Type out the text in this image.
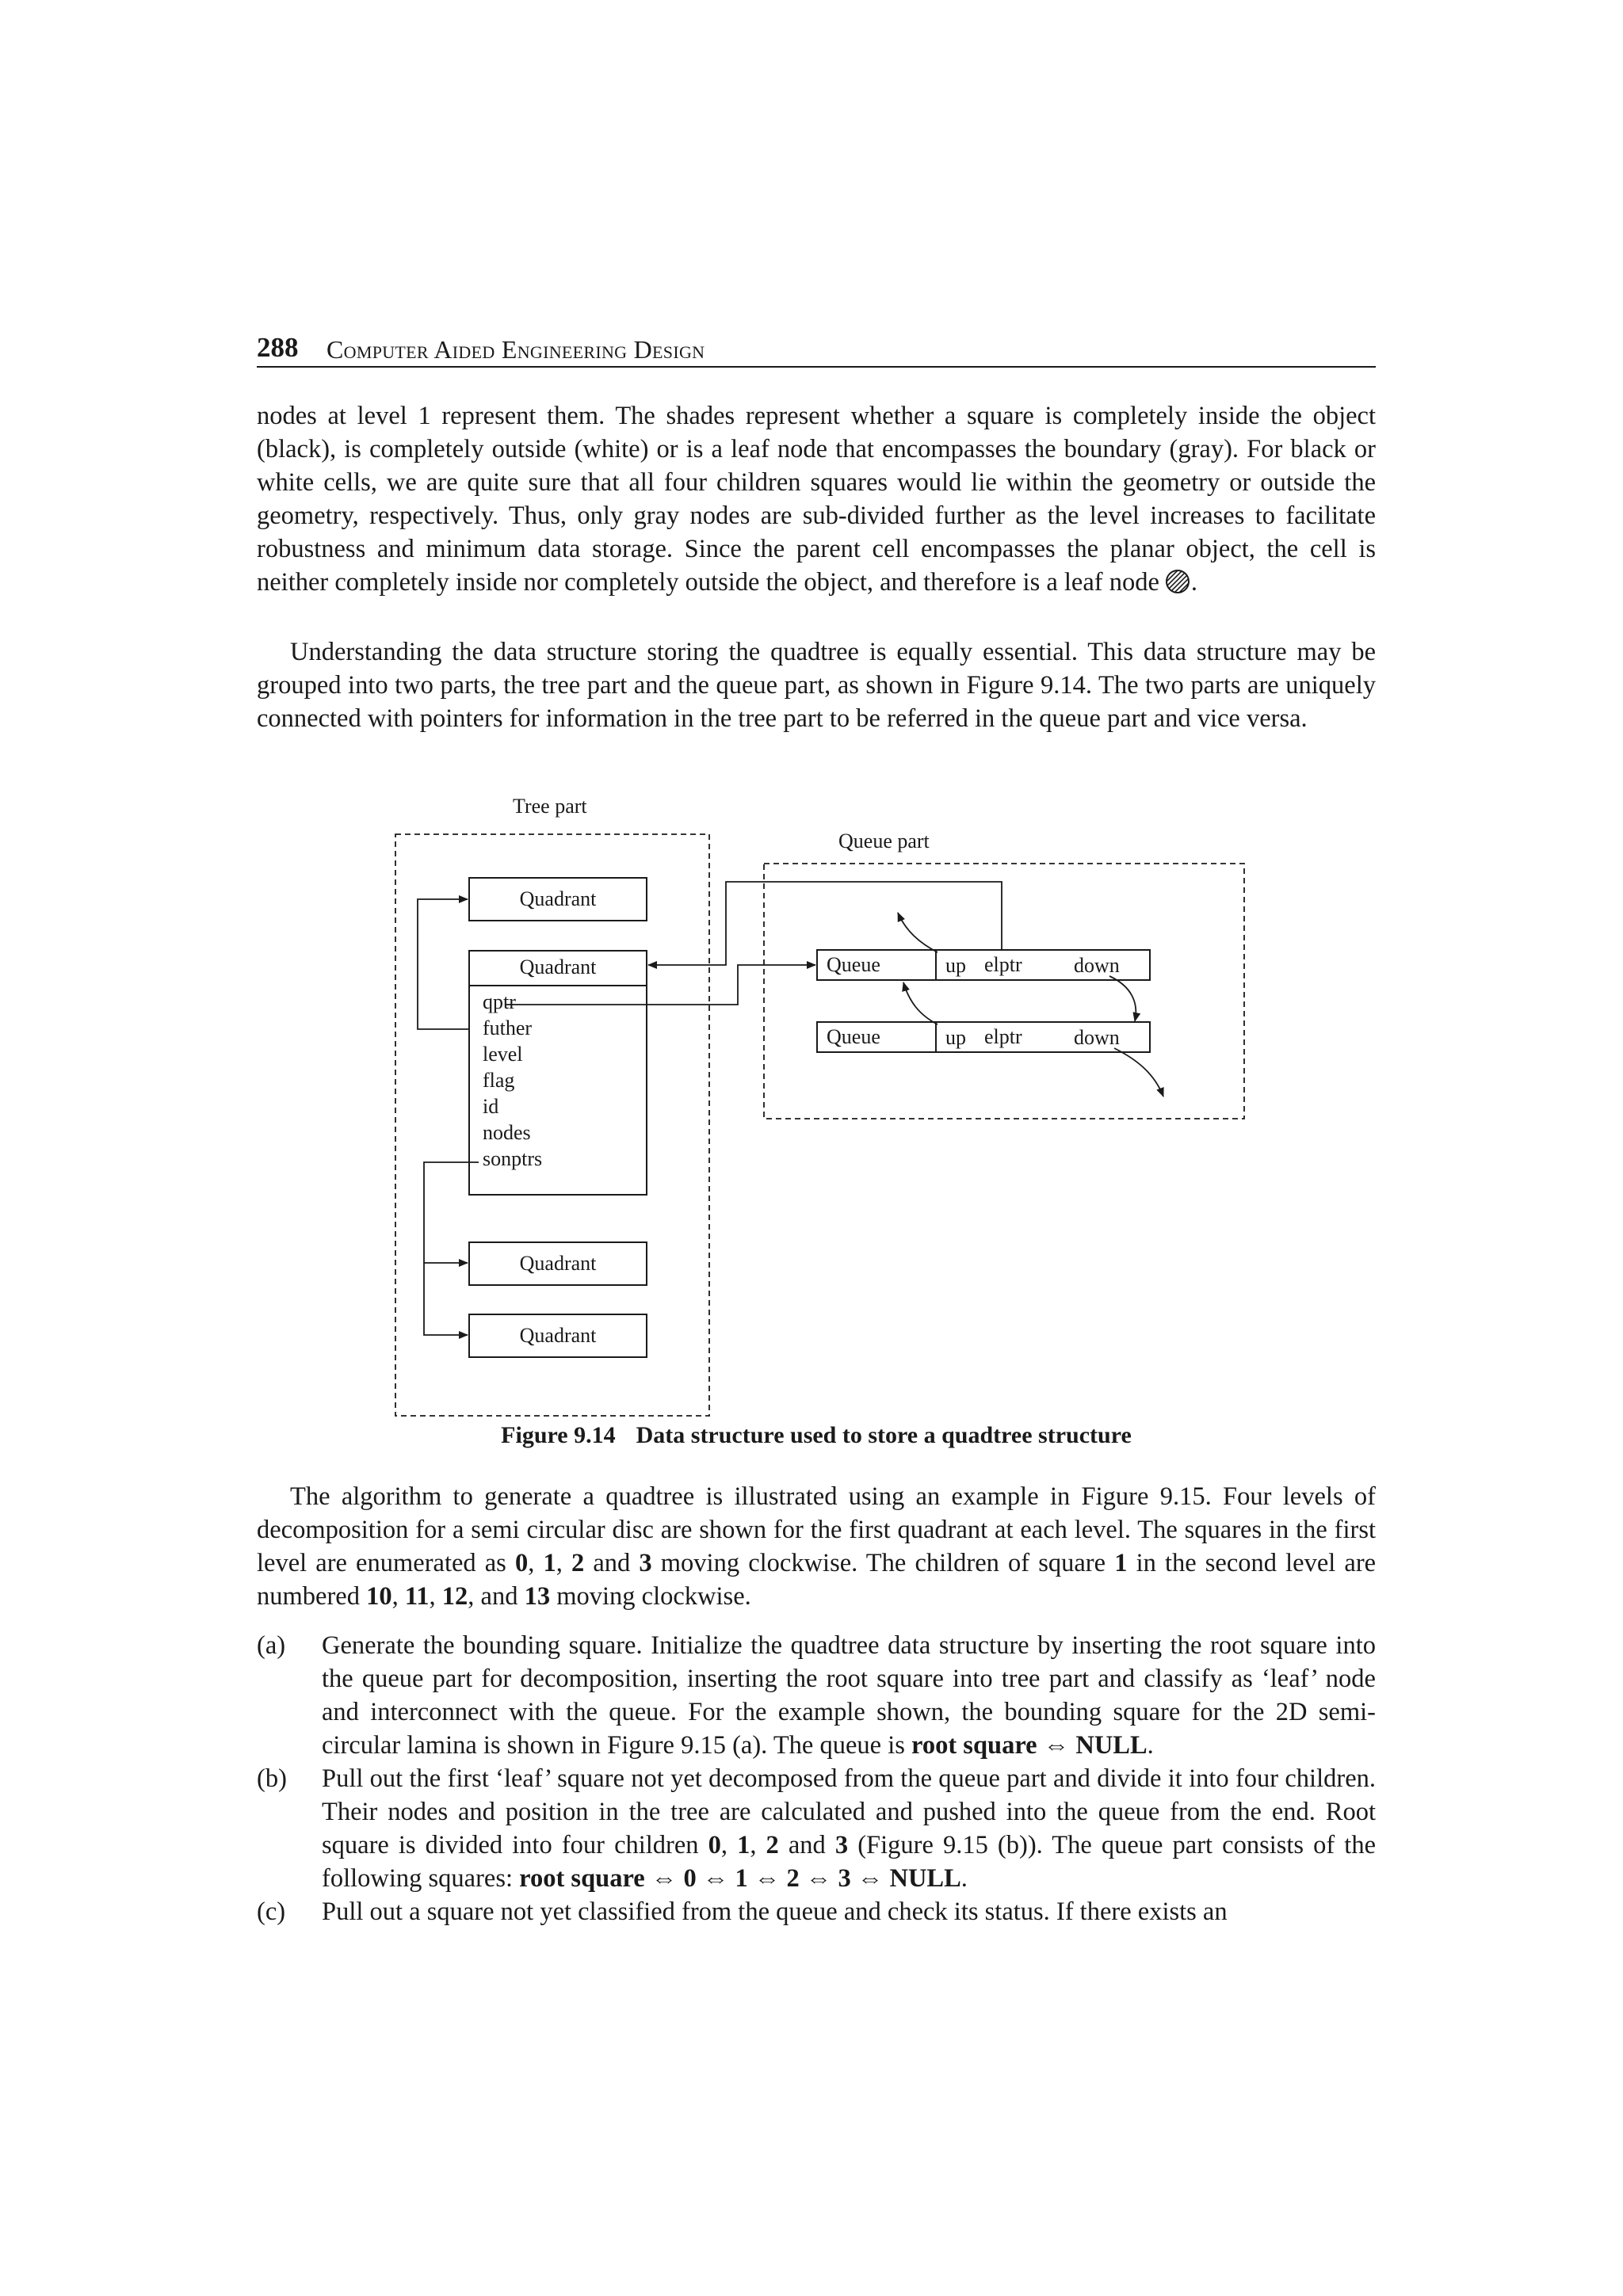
288 Computer Aided Engineering Design

nodes at level 1 represent them. The shades represent whether a square is completely inside the object (black), is completely outside (white) or is a leaf node that encompasses the boundary (gray). For black or white cells, we are quite sure that all four children squares would lie within the geometry or outside the geometry, respectively. Thus, only gray nodes are sub-divided further as the level increases to facilitate robustness and minimum data storage. Since the parent cell encompasses the planar object, the cell is neither completely inside nor completely outside the object, and therefore is a leaf node .

Understanding the data structure storing the quadtree is equally essential. This data structure may be grouped into two parts, the tree part and the queue part, as shown in Figure 9.14. The two parts are uniquely connected with pointers for information in the tree part to be referred in the queue part and vice versa.

Tree part
Quadrant
Quadrant
qptr
futher
level
flag
id
nodes
sonptrs
Quadrant
Quadrant
Queue part
Queue	up elptr	down
Queue	up elptr	down
Figure 9.14 Data structure used to store a quadtree structure

The algorithm to generate a quadtree is illustrated using an example in Figure 9.15. Four levels of decomposition for a semi circular disc are shown for the first quadrant at each level. The squares in the first level are enumerated as 0, 1, 2 and 3 moving clockwise. The children of square 1 in the second level are numbered 10, 11, 12, and 13 moving clockwise.

(a) Generate the bounding square. Initialize the quadtree data structure by inserting the root square into the queue part for decomposition, inserting the root square into tree part and classify as ‘leaf’ node and interconnect with the queue. For the example shown, the bounding square for the 2D semi-circular lamina is shown in Figure 9.15 (a). The queue is root square ⇔ NULL.
(b) Pull out the first ‘leaf’ square not yet decomposed from the queue part and divide it into four children. Their nodes and position in the tree are calculated and pushed into the queue from the end. Root square is divided into four children 0, 1, 2 and 3 (Figure 9.15 (b)). The queue part consists of the following squares: root square ⇔ 0 ⇔ 1 ⇔ 2 ⇔ 3 ⇔ NULL.
(c) Pull out a square not yet classified from the queue and check its status. If there exists an
